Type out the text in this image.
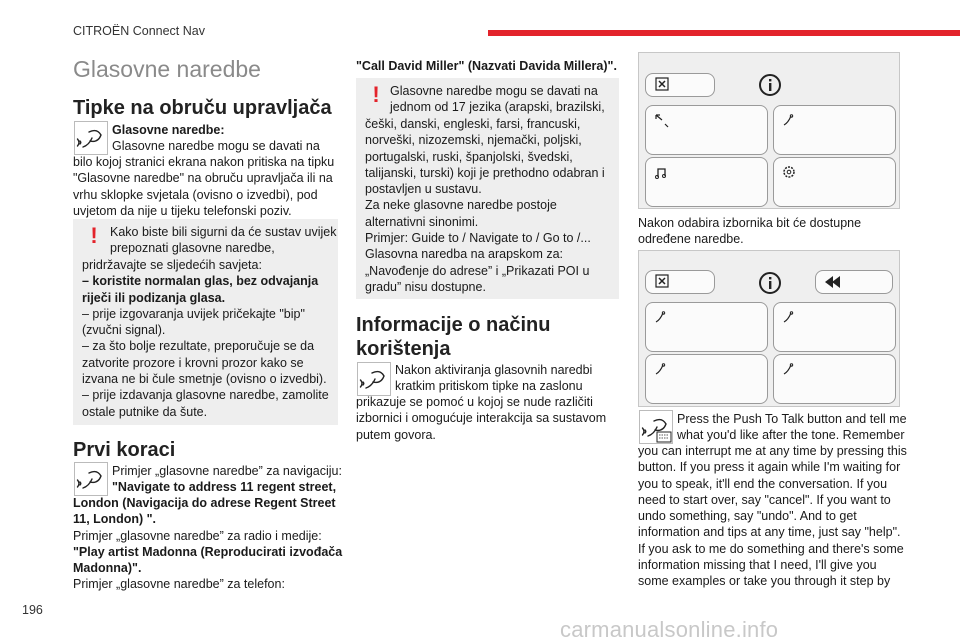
CITROËN Connect Nav
196
carmanualsonline.info
Glasovne naredbe
Tipke na obruču upravljača
Glasovne naredbe:
Glasovne naredbe mogu se davati na
bilo kojoj stranici ekrana nakon pritiska na tipku
"Glasovne naredbe" na obruču upravljača ili na
vrhu sklopke svjetala (ovisno o izvedbi), pod
uvjetom da nije u tijeku telefonski poziv.
! Kako biste bili sigurni da će sustav uvijek
prepoznati glasovne naredbe,
pridržavajte se sljedećih savjeta:
– koristite normalan glas, bez odvajanja
riječi ili podizanja glasa.
– prije izgovaranja uvijek pričekajte "bip"
(zvučni signal).
– za što bolje rezultate, preporučuje se da
zatvorite prozore i krovni prozor kako se
izvana ne bi čule smetnje (ovisno o izvedbi).
– prije izdavanja glasovne naredbe, zamolite
ostale putnike da šute.
Prvi koraci
Primjer „glasovne naredbe” za navigaciju:
"Navigate to address 11 regent street,
London (Navigacija do adrese Regent Street
11, London) ".
Primjer „glasovne naredbe” za radio i medije:
"Play artist Madonna (Reproducirati izvođača
Madonna)".
Primjer „glasovne naredbe” za telefon:
"Call David Miller" (Nazvati Davida Millera)".
! Glasovne naredbe mogu se davati na
jednom od 17 jezika (arapski, brazilski,
češki, danski, engleski, farsi, francuski,
norveški, nizozemski, njemački, poljski,
portugalski, ruski, španjolski, švedski,
talijanski, turski) koji je prethodno odabran i
postavljen u sustavu.
Za neke glasovne naredbe postoje
alternativni sinonimi.
Primjer: Guide to / Navigate to / Go to /...
Glasovna naredba na arapskom za:
„Navođenje do adrese” i „Prikazati POI u
gradu” nisu dostupne.
Informacije o načinu
korištenja
Nakon aktiviranja glasovnih naredbi
kratkim pritiskom tipke na zaslonu
prikazuje se pomoć u kojoj se nude različiti
izbornici i omogućuje interakcija sa sustavom
putem govora.
Nakon odabira izbornika bit će dostupne
određene naredbe.
Press the Push To Talk button and tell me
what you'd like after the tone. Remember
you can interrupt me at any time by pressing this
button. If you press it again while I'm waiting for
you to speak, it'll end the conversation. If you
need to start over, say "cancel". If you want to
undo something, say "undo". And to get
information and tips at any time, just say "help".
If you ask to me do something and there's some
information missing that I need, I'll give you
some examples or take you through it step by
